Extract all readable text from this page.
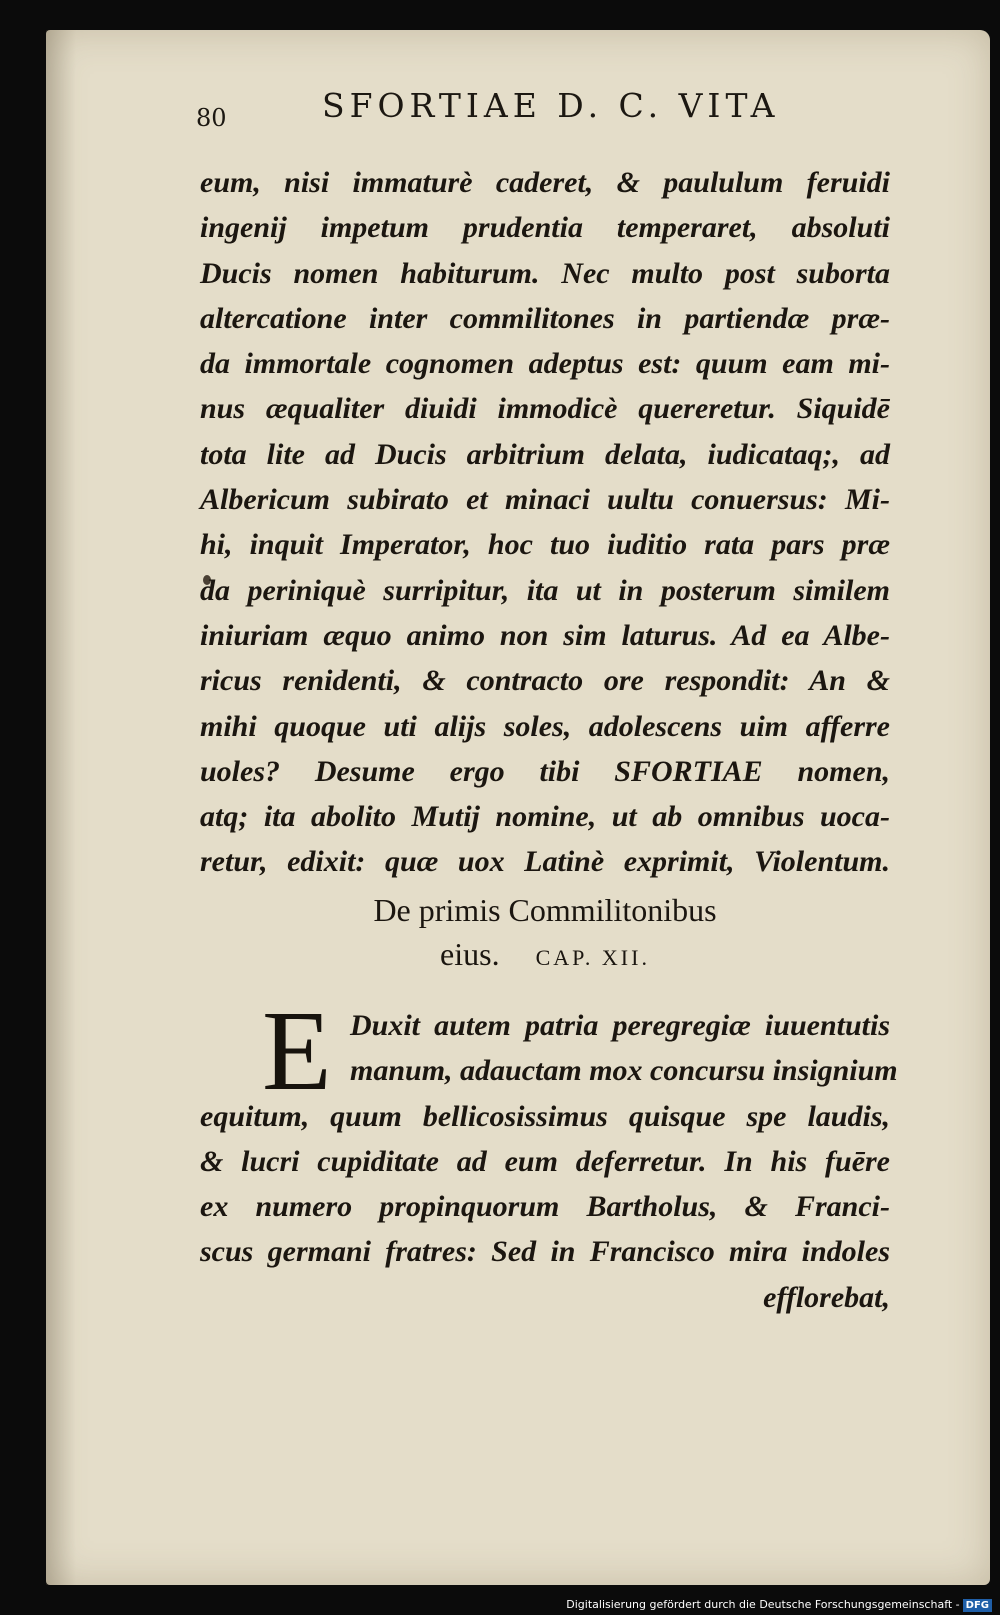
80	SFORTIAE D. C. VITA
eum, nisi immaturè caderet, & paululum feruidi
ingenij impetum prudentia temperaret, absoluti
Ducis nomen habiturum. Nec multo post suborta
altercatione inter commilitones in partiendæ præ-
da immortale cognomen adeptus est: quum eam mi-
nus æqualiter diuidi immodicè quereretur. Siquidē
tota lite ad Ducis arbitrium delata, iudicataq;, ad
Albericum subirato et minaci uultu conuersus: Mi-
hi, inquit Imperator, hoc tuo iuditio rata pars præ
da periniquè surripitur, ita ut in posterum similem
iniuriam æquo animo non sim laturus. Ad ea Albe-
ricus renidenti, & contracto ore respondit: An &
mihi quoque uti alijs soles, adolescens uim afferre
uoles? Desume ergo tibi SFORTIAE nomen,
atq; ita abolito Mutij nomine, ut ab omnibus uoca-
retur, edixit: quæ uox Latinè exprimit, Violentum.
De primis Commilitonibus
eius. CAP. XII.
E Duxit autem patria peregregiæ iuuentutis
manum, adauctam mox concursu insignium
equitum, quum bellicosissimus quisque spe laudis,
& lucri cupiditate ad eum deferretur. In his fuēre
ex numero propinquorum Bartholus, & Franci-
scus germani fratres: Sed in Francisco mira indoles
efflorebat,
Digitalisierung gefördert durch die Deutsche Forschungsgemeinschaft - DFG
